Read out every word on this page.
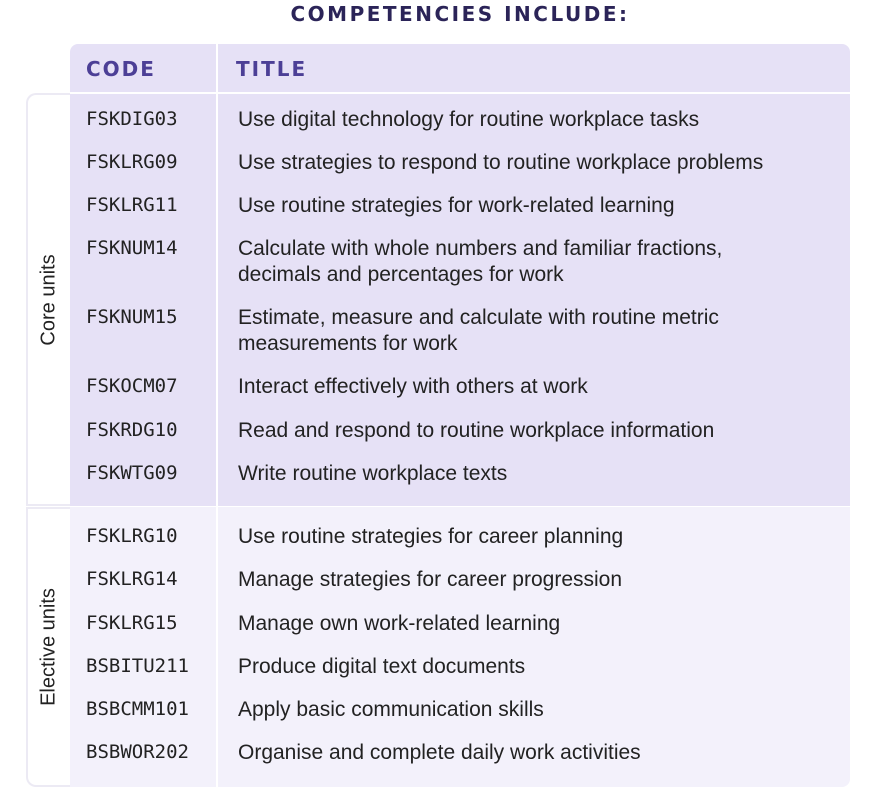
COMPETENCIES INCLUDE:
CODE	TITLE
Core units
Elective units
FSKDIG03	Use digital technology for routine workplace tasks
FSKLRG09	Use strategies to respond to routine workplace problems
FSKLRG11	Use routine strategies for work-related learning
FSKNUM14	Calculate with whole numbers and familiar fractions, decimals and percentages for work
FSKNUM15	Estimate, measure and calculate with routine metric measurements for work
FSKOCM07	Interact effectively with others at work
FSKRDG10	Read and respond to routine workplace information
FSKWTG09	Write routine workplace texts
FSKLRG10	Use routine strategies for career planning
FSKLRG14	Manage strategies for career progression
FSKLRG15	Manage own work-related learning
BSBITU211 Produce digital text documents
BSBCMM101 Apply basic communication skills
BSBWOR202 Organise and complete daily work activities
